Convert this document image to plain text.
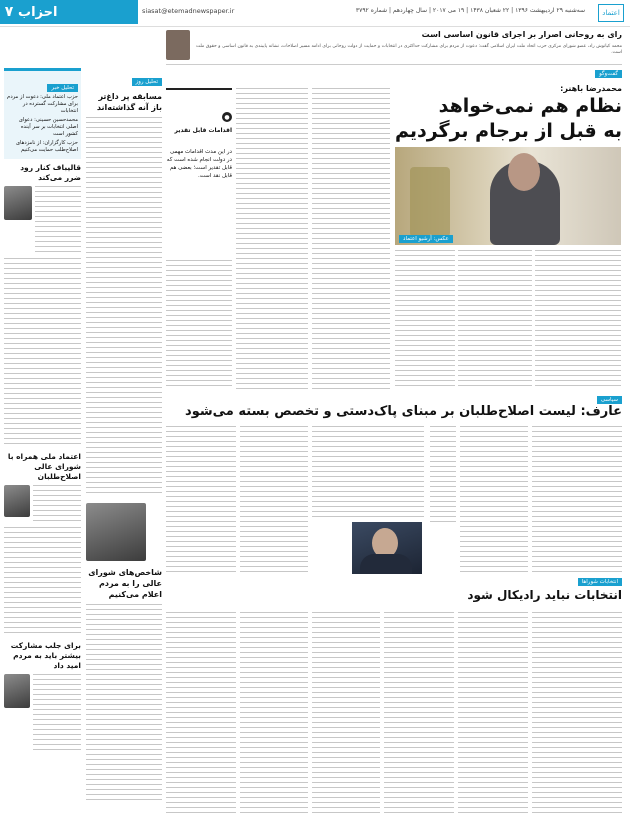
۷ احزاب	siasat@etemadnewspaper.ir	سه‌شنبه ۲۹ اردیبهشت ۱۳۹۶ | ۲۲ شعبان ۱۴۳۸ | ۱۹ می ۲۰۱۷ | سال چهاردهم | شماره ۳۷۹۲	اعتماد

رای به روحانی اصرار بر اجرای قانون اساسی است

محمد کیانوش راد، عضو شورای مرکزی حزب اتحاد ملت ایران اسلامی گفت: دعوت از مردم برای مشارکت حداکثری در انتخابات و حمایت از دولت روحانی برای ادامه مسیر اصلاحات، نشانه پایبندی به قانون اساسی و حقوق ملت است.

گفت‌وگو
محمدرضا باهنر:

نظام هم نمی‌خواهد

به قبل از برجام برگردیم

عکس: آرشیو اعتماد
●
اقدامات قابل تقدیر
در این مدت اقدامات مهمی در دولت انجام شده است که قابل تقدیر است؛ بعضی هم قابل نقد است.
سیاسی

عارف: لیست اصلاح‌طلبان بر مبنای پاک‌دستی و تخصص بسته می‌شود

انتخابات شوراها

انتخابات نباید رادیکال شود

تحلیل روز

مسابقه پر داغ‌تر باز آنه گذاشته‌اند

شاخص‌های شورای عالی را به مردم اعلام می‌کنیم

تحلیل خبر

حزب اعتماد ملی: دعوت از مردم برای مشارکت گسترده در انتخابات

محمدحسین حسینی: دعوای اصلی انتخابات بر سر آینده کشور است

حزب کارگزاران: از نامزدهای اصلاح‌طلب حمایت می‌کنیم

قالیباف کنار رود ضرر می‌کند

اعتماد ملی همراه با شورای عالی اصلاح‌طلبان

برای جلب مشارکت بیشتر باید به مردم امید داد
